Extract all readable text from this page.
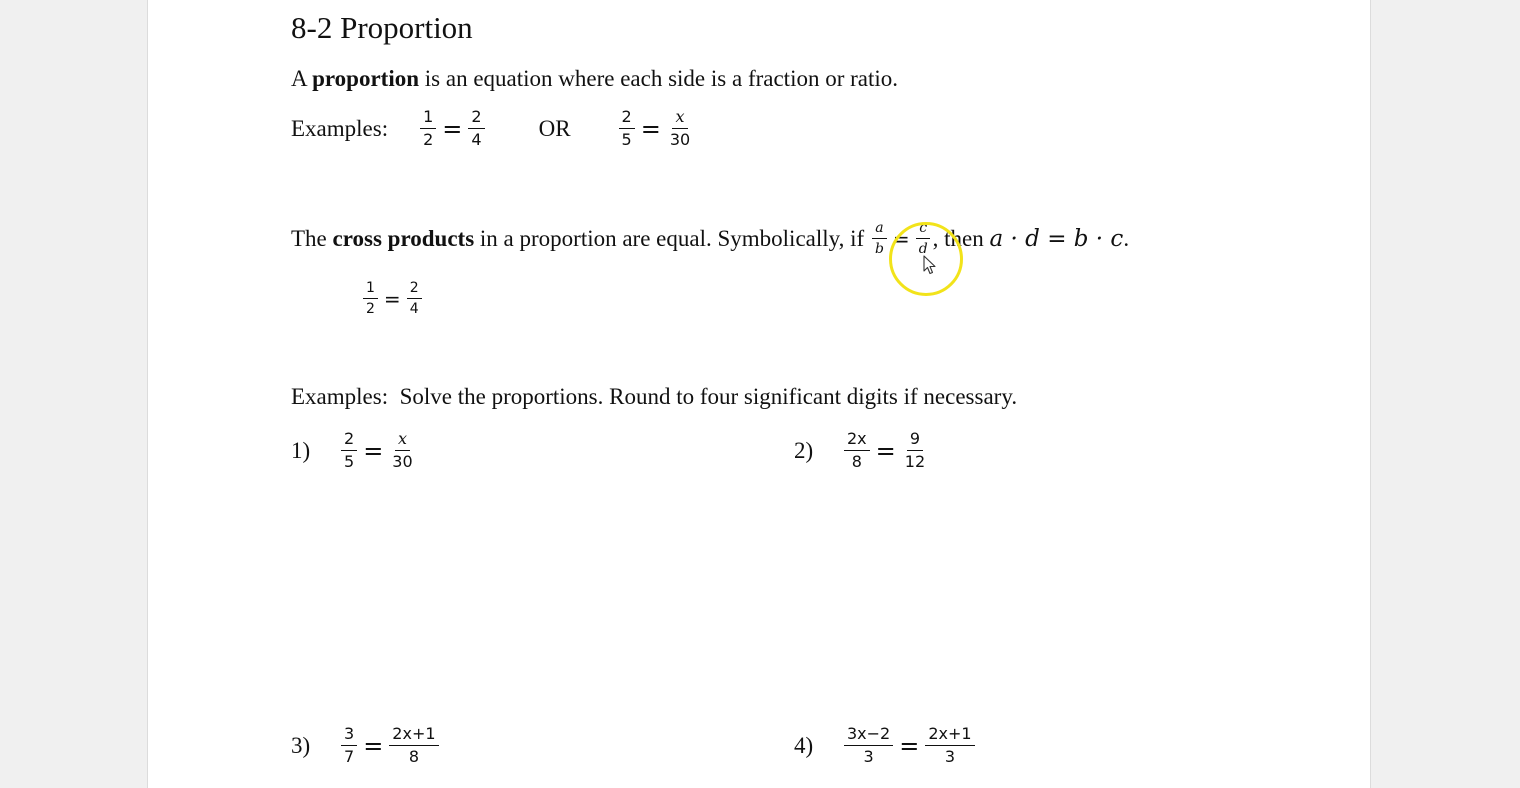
8-2 Proportion
A proportion is an equation where each side is a fraction or ratio.
Examples: $\frac{1}{2} = \frac{2}{4}$ OR	$\frac{2}{5} = \frac{x}{30}$
The cross products in a proportion are equal. Symbolically, if $\frac{a}{b} = \frac{c}{d}$ , then a · d = b · c .
$\frac{1}{2} = \frac{2}{4}$
Examples:  Solve the proportions. Round to four significant digits if necessary.
1)	$\frac{2}{5} = \frac{x}{30}$	2)	$\frac{2x}{8} = \frac{9}{12}$
3)	$\frac{3}{7} = \frac{2x+1}{8}$	4)	$\frac{3x-2}{3} = \frac{2x+1}{3}$
